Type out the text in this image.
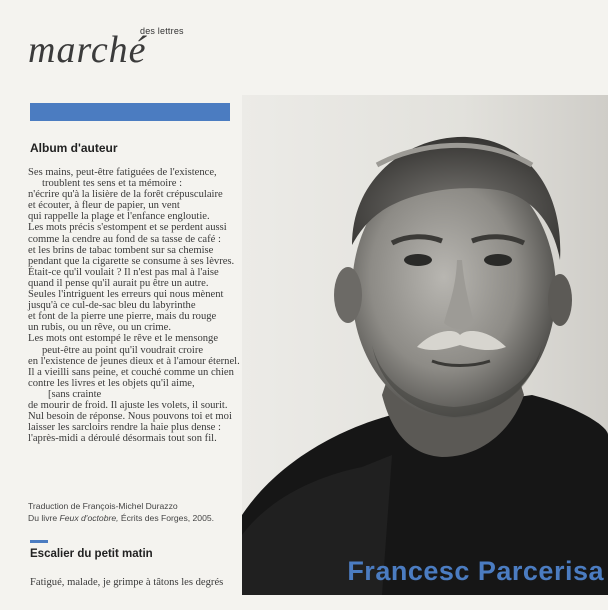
des lettres
marché
Album d'auteur
Ses mains, peut-être fatiguées de l'existence,
troublent tes sens et ta mémoire :
n'écrire qu'à la lisière de la forêt crépusculaire
et écouter, à fleur de papier, un vent
qui rappelle la plage et l'enfance engloutie.
Les mots précis s'estompent et se perdent aussi
comme la cendre au fond de sa tasse de café :
et les brins de tabac tombent sur sa chemise
pendant que la cigarette se consume à ses lèvres.
Était-ce qu'il voulait ? Il n'est pas mal à l'aise
quand il pense qu'il aurait pu être un autre.
Seules l'intriguent les erreurs qui nous mènent
jusqu'à ce cul-de-sac bleu du labyrinthe
et font de la pierre une pierre, mais du rouge
un rubis, ou un rêve, ou un crime.
Les mots ont estompé le rêve et le mensonge
peut-être au point qu'il voudrait croire
en l'existence de jeunes dieux et à l'amour éternel.
Il a vieilli sans peine, et couché comme un chien
contre les livres et les objets qu'il aime,
[sans crainte
de mourir de froid. Il ajuste les volets, il sourit.
Nul besoin de réponse. Nous pouvons toi et moi
laisser les sarcloirs rendre la haie plus dense :
l'après-midi a déroulé désormais tout son fil.
Traduction de François-Michel Durazzo
Du livre Feux d'octobre, Écrits des Forges, 2005.
Escalier du petit matin
Fatigué, malade, je grimpe à tâtons les degrés	Francesc Parcerisa
